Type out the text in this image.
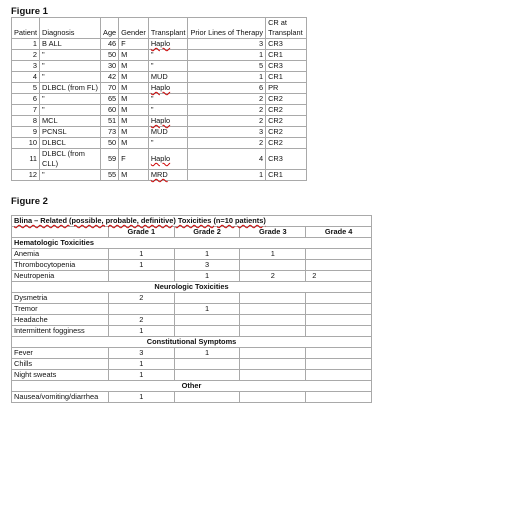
Figure 1
Patient	Diagnosis	Age	Gender	Transplant	Prior Lines of Therapy	CR at Transplant
1	B ALL	46	F	Haplo	3	CR3
2	"	50	M	"	1	CR1
3	"	30	M	"	5	CR3
4	"	42	M	MUD	1	CR1
5	DLBCL (from FL)	70	M	Haplo	6	PR
6	"	65	M	"	2	CR2
7	"	60	M	"	2	CR2
8	MCL	51	M	Haplo	2	CR2
9	PCNSL	73	M	MUD	3	CR2
10	DLBCL	50	M	"	2	CR2
11	DLBCL (from CLL)	59	F	Haplo	4	CR3
12	"	55	M	MRD	1	CR1
Figure 2
Blina – Related (possible, probable, definitive) Toxicities (n=10 patients)				
	Grade 1	Grade 2	Grade 3	Grade 4
Hematologic Toxicities				
Anemia	1	1	1	
Thrombocytopenia	1	3		
Neutropenia		1	2	2
Neurologic Toxicities				
Dysmetria	2			
Tremor		1		
Headache	2			
Intermittent fogginess	1			
Constitutional Symptoms				
Fever	3	1		
Chills	1			
Night sweats	1			
Other				
Nausea/vomiting/diarrhea	1			
